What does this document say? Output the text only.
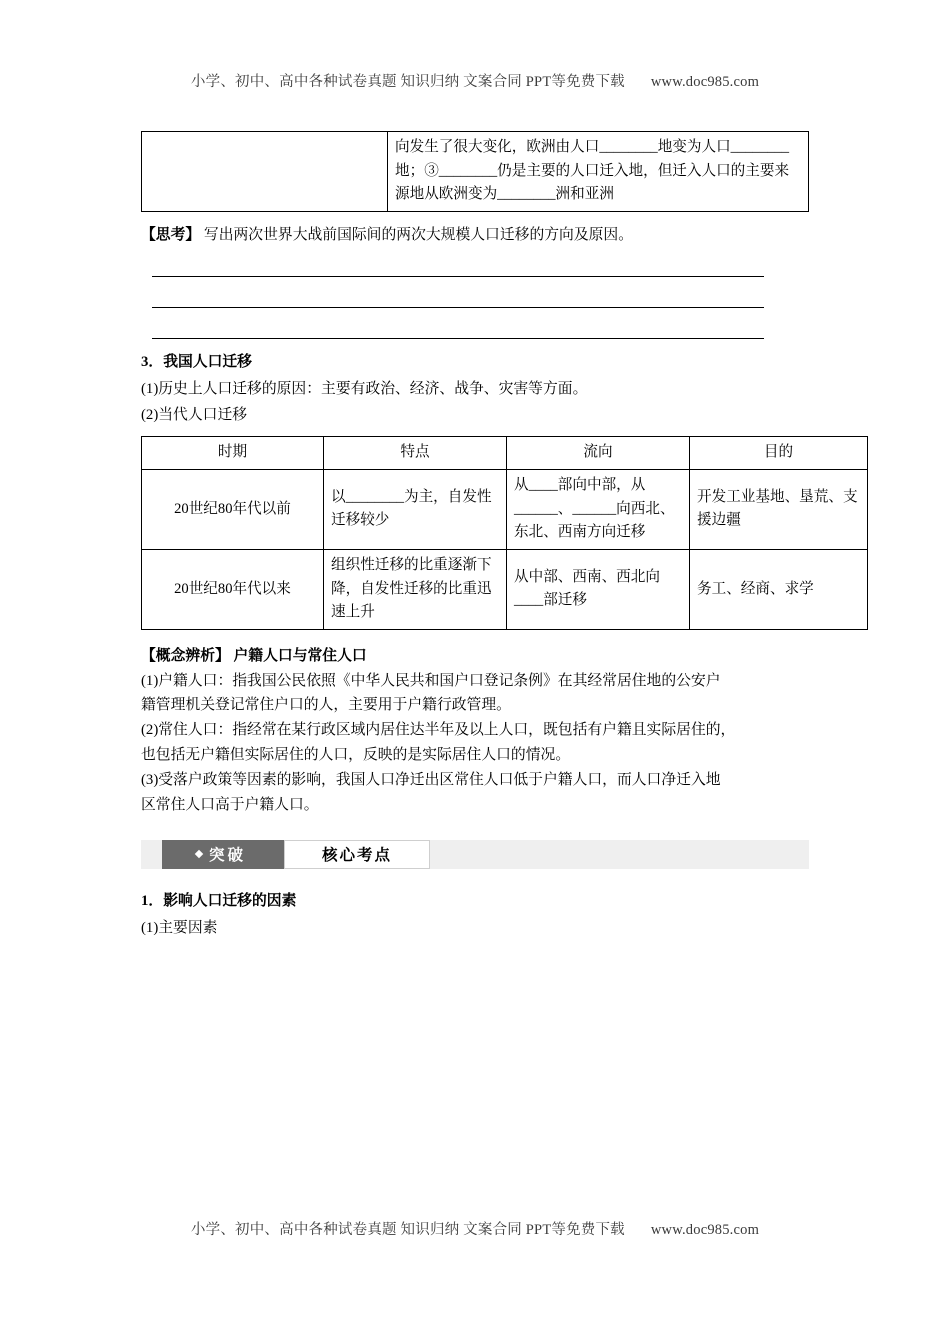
小学、初中、高中各种试卷真题 知识归纳 文案合同 PPT等免费下载 www.doc985.com
	向发生了很大变化，欧洲由人口________地变为人口________地；③________仍是主要的人口迁入地，但迁入人口的主要来源地从欧洲变为________洲和亚洲

【思考】 写出两次世界大战前国际间的两次大规模人口迁移的方向及原因。

3．我国人口迁移

(1)历史上人口迁移的原因：主要有政治、经济、战争、灾害等方面。

(2)当代人口迁移

时期	特点	流向	目的
20世纪80年代以前	以________为主，自发性迁移较少	从____部向中部，从______、______向西北、东北、西南方向迁移	开发工业基地、垦荒、支援边疆
20世纪80年代以来	组织性迁移的比重逐渐下降，自发性迁移的比重迅速上升	从中部、西南、西北向____部迁移	务工、经商、求学

【概念辨析】 户籍人口与常住人口

(1)户籍人口：指我国公民依照《中华人民共和国户口登记条例》在其经常居住地的公安户

籍管理机关登记常住户口的人，主要用于户籍行政管理。

(2)常住人口：指经常在某行政区域内居住达半年及以上人口，既包括有户籍且实际居住的，

也包括无户籍但实际居住的人口，反映的是实际居住人口的情况。

(3)受落户政策等因素的影响，我国人口净迁出区常住人口低于户籍人口，而人口净迁入地

区常住人口高于户籍人口。

突破	核心考点

1．影响人口迁移的因素

(1)主要因素

小学、初中、高中各种试卷真题 知识归纳 文案合同 PPT等免费下载 www.doc985.com
